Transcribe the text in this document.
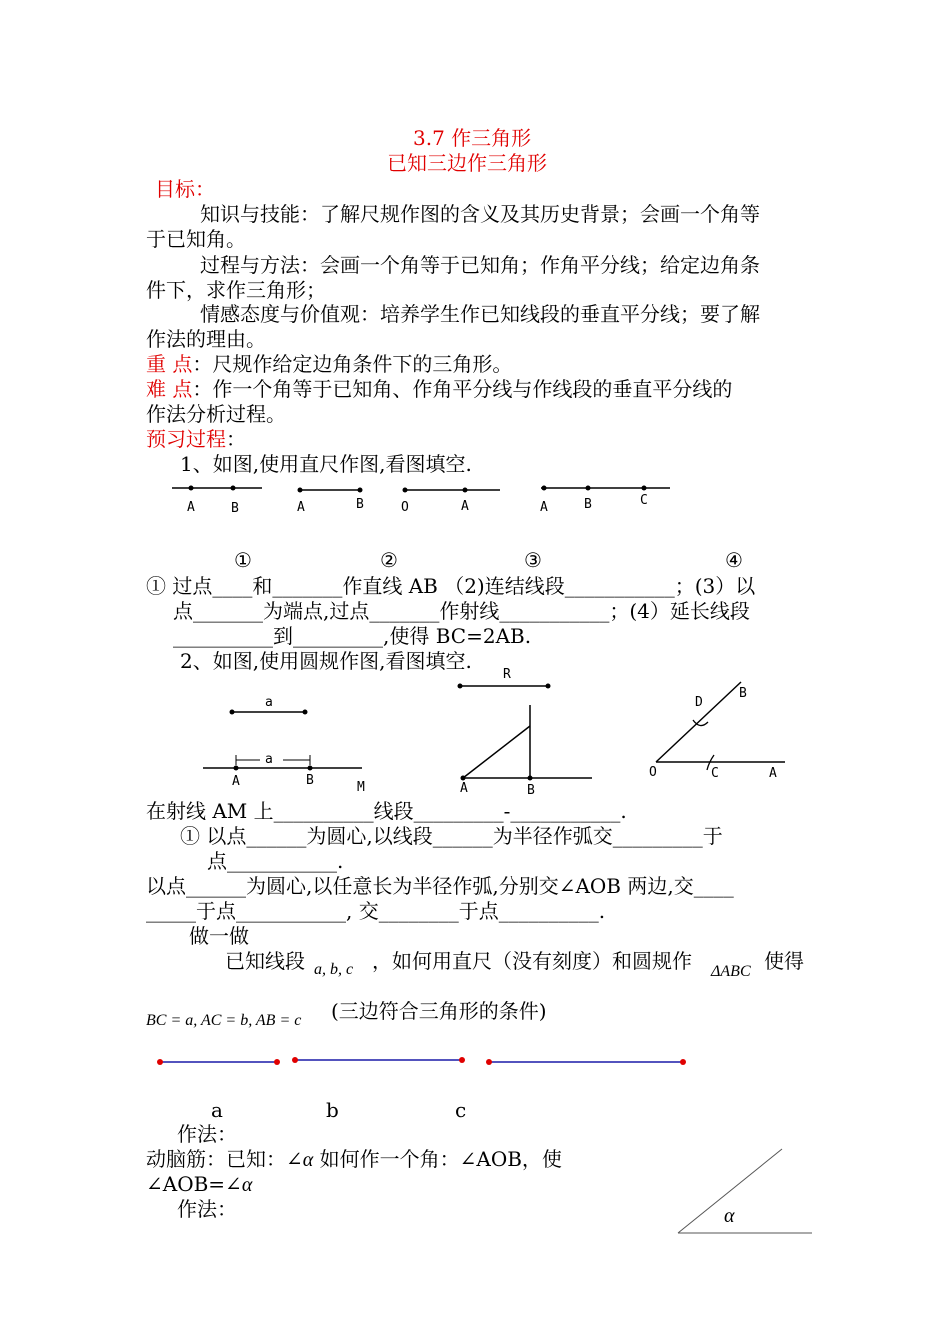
3.7 作三角形
已知三边作三角形
目标：
知识与技能：了解尺规作图的含义及其历史背景；会画一个角等
于已知角。
过程与方法：会画一个角等于已知角；作角平分线；给定边角条
件下，求作三角形；
情感态度与价值观：培养学生作已知线段的垂直平分线；要了解
作法的理由。
重 点：尺规作给定边角条件下的三角形。
难 点：作一个角等于已知角、作角平分线与作线段的垂直平分线的
作法分析过程。
预习过程：
1、如图,使用直尺作图,看图填空.
A	B	A	B	O	A	A	B	C
①	②	③	④
① 过点____和_______作直线 AB （2)连结线段___________；(3）以
点_______为端点,过点_______作射线___________；(4）延长线段
__________到_________,使得 BC=2AB.
2、如图,使用圆规作图,看图填空.
a
a
A	B	M
R
A	B
D
B
O	C	A
在射线 AM 上__________线段_________-___________.
① 以点______为圆心,以线段______为半径作弧交_________于
点___________.
以点______为圆心,以任意长为半径作弧,分别交∠AOB 两边,交____
_____于点___________, 交________于点__________.
做一做
已知线段 a, b, c ，如何用直尺（没有刻度）和圆规作 ΔABC 使得
BC = a, AC = b, AB = c (三边符合三角形的条件)
a	b	c
作法：
动脑筋：已知：∠α 如何作一个角：∠AOB，使
∠AOB=∠α
作法：	α
